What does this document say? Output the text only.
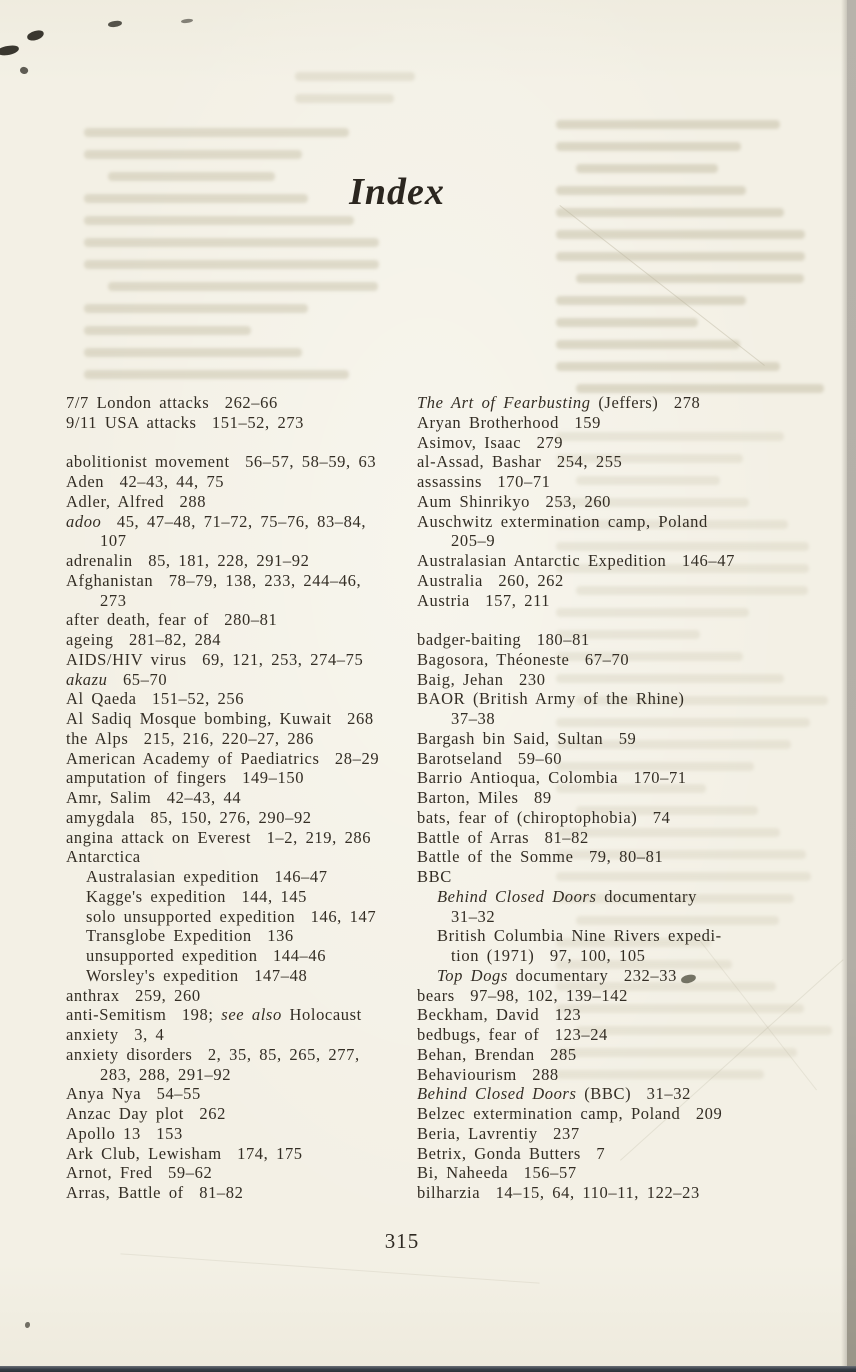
Index
7/7 London attacks  262–66
9/11 USA attacks  151–52, 273
abolitionist movement  56–57, 58–59, 63
Aden  42–43, 44, 75
Adler, Alfred  288
adoo  45, 47–48, 71–72, 75–76, 83–84,
107
adrenalin  85, 181, 228, 291–92
Afghanistan  78–79, 138, 233, 244–46,
273
after death, fear of  280–81
ageing  281–82, 284
AIDS/HIV virus  69, 121, 253, 274–75
akazu  65–70
Al Qaeda  151–52, 256
Al Sadiq Mosque bombing, Kuwait  268
the Alps  215, 216, 220–27, 286
American Academy of Paediatrics  28–29
amputation of fingers  149–150
Amr, Salim  42–43, 44
amygdala  85, 150, 276, 290–92
angina attack on Everest  1–2, 219, 286
Antarctica
Australasian expedition  146–47
Kagge's expedition  144, 145
solo unsupported expedition  146, 147
Transglobe Expedition  136
unsupported expedition  144–46
Worsley's expedition  147–48
anthrax  259, 260
anti-Semitism  198; see also Holocaust
anxiety  3, 4
anxiety disorders  2, 35, 85, 265, 277,
283, 288, 291–92
Anya Nya  54–55
Anzac Day plot  262
Apollo 13  153
Ark Club, Lewisham  174, 175
Arnot, Fred  59–62
Arras, Battle of  81–82
The Art of Fearbusting (Jeffers)  278
Aryan Brotherhood  159
Asimov, Isaac  279
al-Assad, Bashar  254, 255
assassins  170–71
Aum Shinrikyo  253, 260
Auschwitz extermination camp, Poland
205–9
Australasian Antarctic Expedition  146–47
Australia  260, 262
Austria  157, 211
badger-baiting  180–81
Bagosora, Théoneste  67–70
Baig, Jehan  230
BAOR (British Army of the Rhine)
37–38
Bargash bin Said, Sultan  59
Barotseland  59–60
Barrio Antioqua, Colombia  170–71
Barton, Miles  89
bats, fear of (chiroptophobia)  74
Battle of Arras  81–82
Battle of the Somme  79, 80–81
BBC
Behind Closed Doors documentary
31–32
British Columbia Nine Rivers expedi-
tion (1971)  97, 100, 105
Top Dogs documentary  232–33
bears  97–98, 102, 139–142
Beckham, David  123
bedbugs, fear of  123–24
Behan, Brendan  285
Behaviourism  288
Behind Closed Doors (BBC)  31–32
Belzec extermination camp, Poland  209
Beria, Lavrentiy  237
Betrix, Gonda Butters  7
Bi, Naheeda  156–57
bilharzia  14–15, 64, 110–11, 122–23
315
